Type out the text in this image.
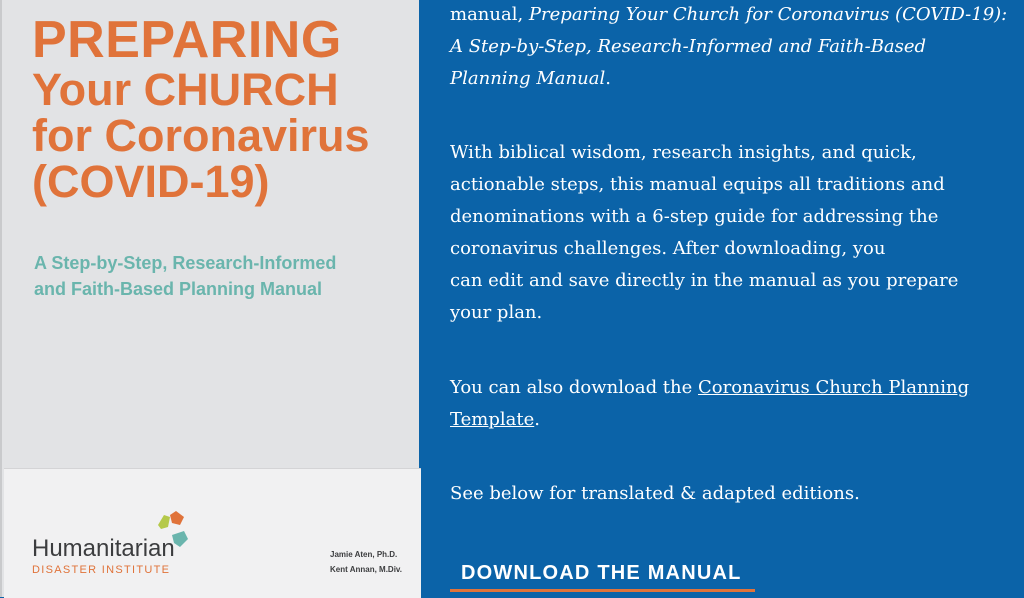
PREPARING
Your CHURCH
for Coronavirus
(COVID-19)

A Step-by-Step, Research-Informed
and Faith-Based Planning Manual

Humanitarian
DISASTER INSTITUTE
Jamie Aten, Ph.D.
Kent Annan, M.Div.

manual, Preparing Your Church for Coronavirus (COVID-19): A Step-by-Step, Research-Informed and Faith-Based Planning Manual.

With biblical wisdom, research insights, and quick, actionable steps, this manual equips all traditions and denominations with a 6-step guide for addressing the coronavirus challenges. After downloading, you
can edit and save directly in the manual as you prepare your plan.

You can also download the Coronavirus Church Planning Template.

See below for translated & adapted editions.

DOWNLOAD THE MANUAL
